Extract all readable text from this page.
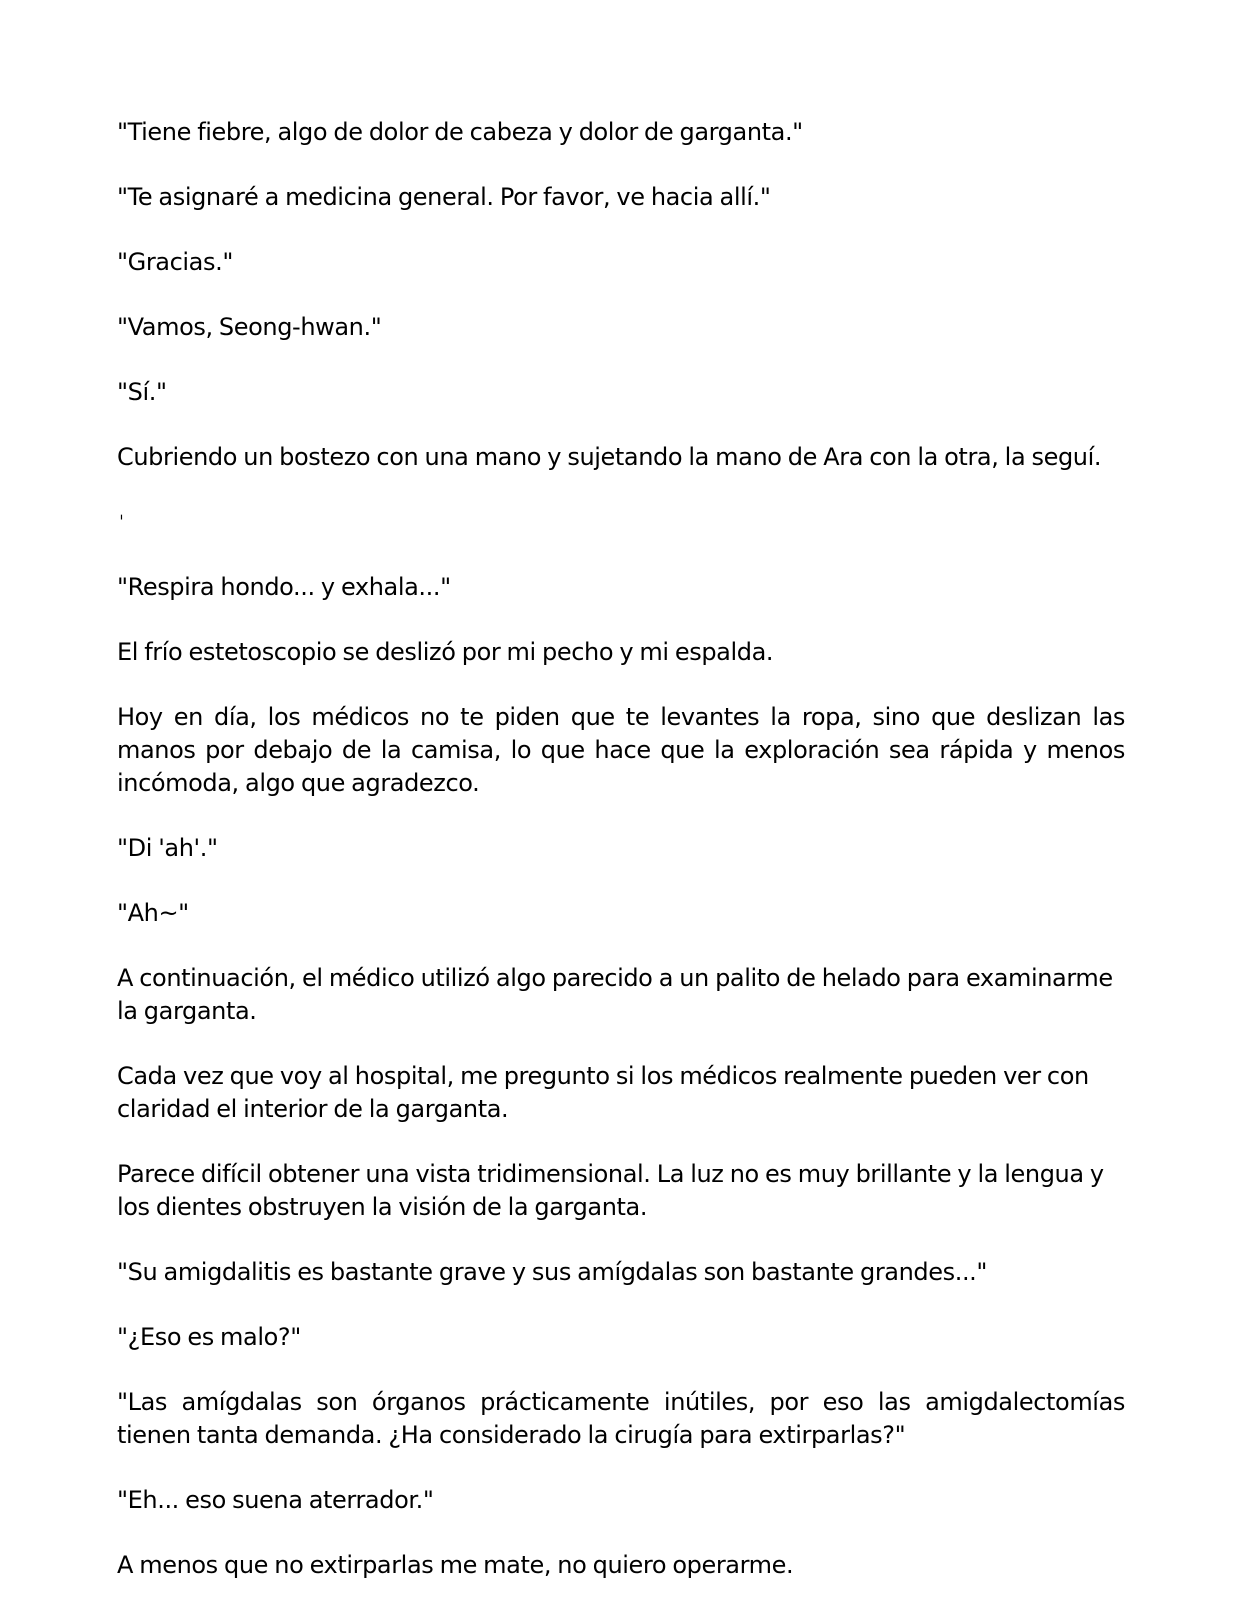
"Tiene fiebre, algo de dolor de cabeza y dolor de garganta."

"Te asignaré a medicina general. Por favor, ve hacia allí."

"Gracias."

"Vamos, Seong-hwan."

"Sí."

Cubriendo un bostezo con una mano y sujetando la mano de Ara con la otra, la seguí.

ˈ

"Respira hondo... y exhala..."

El frío estetoscopio se deslizó por mi pecho y mi espalda.

Hoy en día, los médicos no te piden que te levantes la ropa, sino que deslizan las manos por debajo de la camisa, lo que hace que la exploración sea rápida y menos incómoda, algo que agradezco.

"Di 'ah'."

"Ah~"

A continuación, el médico utilizó algo parecido a un palito de helado para examinarme la garganta.

Cada vez que voy al hospital, me pregunto si los médicos realmente pueden ver con claridad el interior de la garganta.

Parece difícil obtener una vista tridimensional. La luz no es muy brillante y la lengua y los dientes obstruyen la visión de la garganta.

"Su amigdalitis es bastante grave y sus amígdalas son bastante grandes..."

"¿Eso es malo?"

"Las amígdalas son órganos prácticamente inútiles, por eso las amigdalectomías tienen tanta demanda. ¿Ha considerado la cirugía para extirparlas?"

"Eh... eso suena aterrador."

A menos que no extirparlas me mate, no quiero operarme.
